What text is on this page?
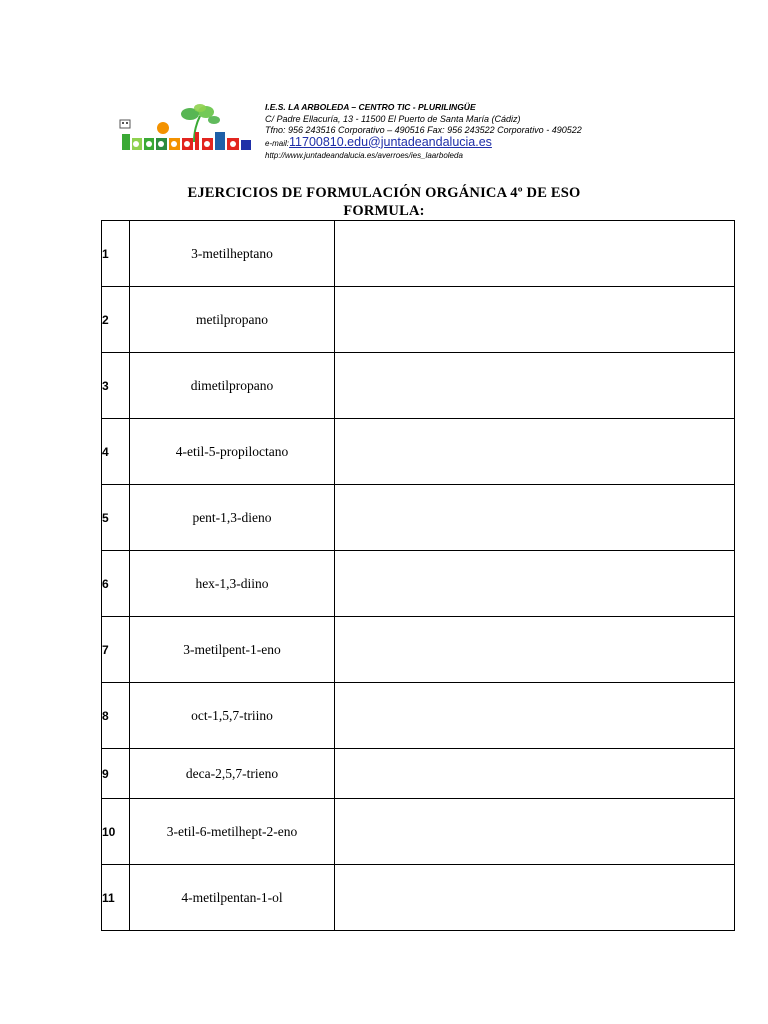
I.E.S. LA ARBOLEDA – CENTRO TIC - PLURILINGÜE
C/ Padre Ellacuría, 13 - 11500 El Puerto de Santa María (Cádiz)
Tfno: 956 243516 Corporativo – 490516 Fax: 956 243522 Corporativo - 490522
e-mail:11700810.edu@juntadeandalucia.es
http://www.juntadeandalucia.es/averroes/ies_laarboleda
EJERCICIOS DE FORMULACIÓN ORGÁNICA 4º DE ESO
FORMULA:
1	3-metilheptano	
2	metilpropano	
3	dimetilpropano	
4	4-etil-5-propiloctano	
5	pent-1,3-dieno	
6	hex-1,3-diino	
7	3-metilpent-1-eno	
8	oct-1,5,7-triino	
9	deca-2,5,7-trieno	
10	3-etil-6-metilhept-2-eno	
11	4-metilpentan-1-ol	
